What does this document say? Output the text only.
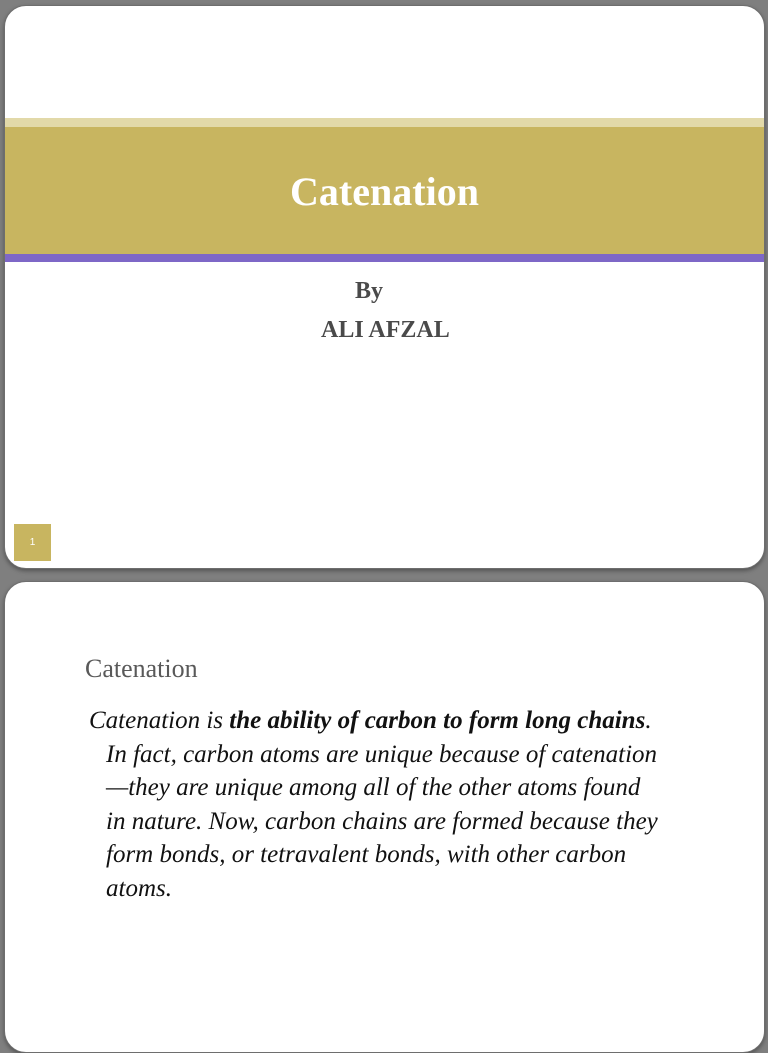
Catenation
By
ALI AFZAL
1
Catenation
Catenation is the ability of carbon to form long chains.
In fact, carbon atoms are unique because of catenation
—they are unique among all of the other atoms found
in nature. Now, carbon chains are formed because they
form bonds, or tetravalent bonds, with other carbon
atoms.
